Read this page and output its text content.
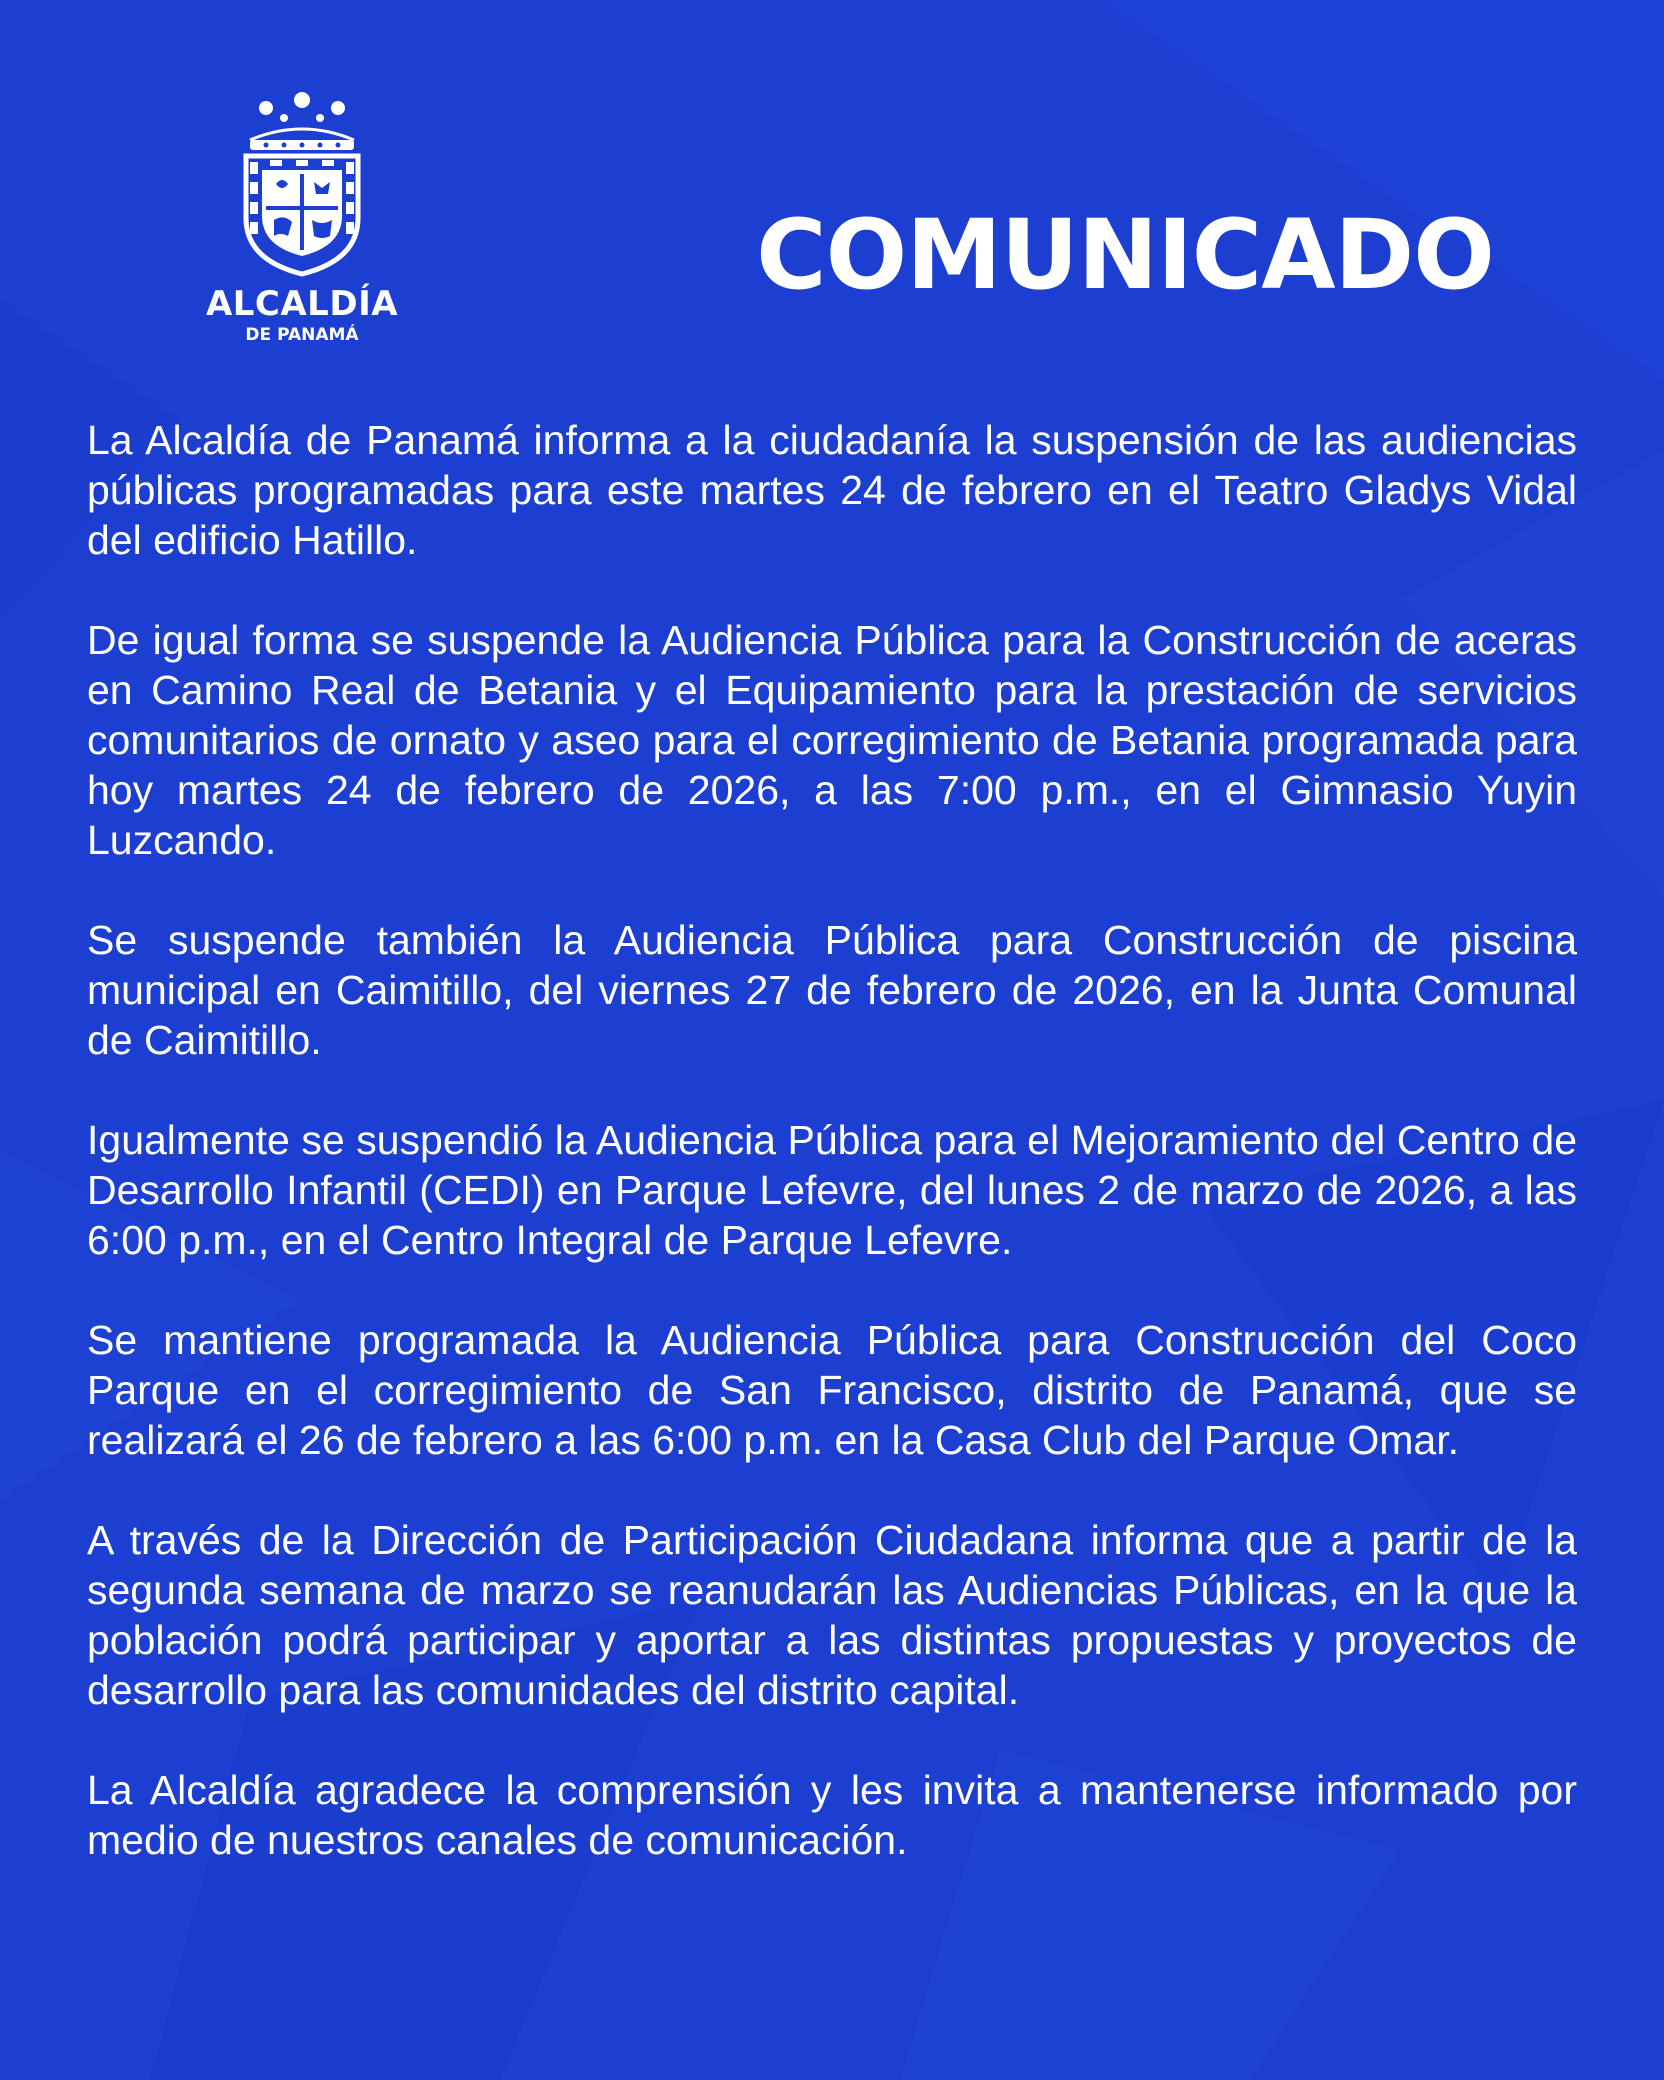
ALCALDÍA
DE PANAMÁ
COMUNICADO

La Alcaldía de Panamá informa a la ciudadanía la suspensión de las audiencias públicas programadas para este martes 24 de febrero en el Teatro Gladys Vidal del edificio Hatillo.

De igual forma se suspende la Audiencia Pública para la Construcción de aceras en Camino Real de Betania y el Equipamiento para la prestación de servicios comunitarios de ornato y aseo para el corregimiento de Betania programada para hoy martes 24 de febrero de 2026, a las 7:00 p.m., en el Gimnasio Yuyin Luzcando.

Se suspende también la Audiencia Pública para Construcción de piscina municipal en Caimitillo, del viernes 27 de febrero de 2026, en la Junta Comunal de Caimitillo.

Igualmente se suspendió la Audiencia Pública para el Mejoramiento del Centro de Desarrollo Infantil (CEDI) en Parque Lefevre, del lunes 2 de marzo de 2026, a las 6:00 p.m., en el Centro Integral de Parque Lefevre.

Se mantiene programada la Audiencia Pública para Construcción del Coco Parque en el corregimiento de San Francisco, distrito de Panamá, que se realizará el 26 de febrero a las 6:00 p.m. en la Casa Club del Parque Omar.

A través de la Dirección de Participación Ciudadana informa que a partir de la segunda semana de marzo se reanudarán las Audiencias Públicas, en la que la población podrá participar y aportar a las distintas propuestas y proyectos de desarrollo para las comunidades del distrito capital.

La Alcaldía agradece la comprensión y les invita a mantenerse informado por medio de nuestros canales de comunicación.
